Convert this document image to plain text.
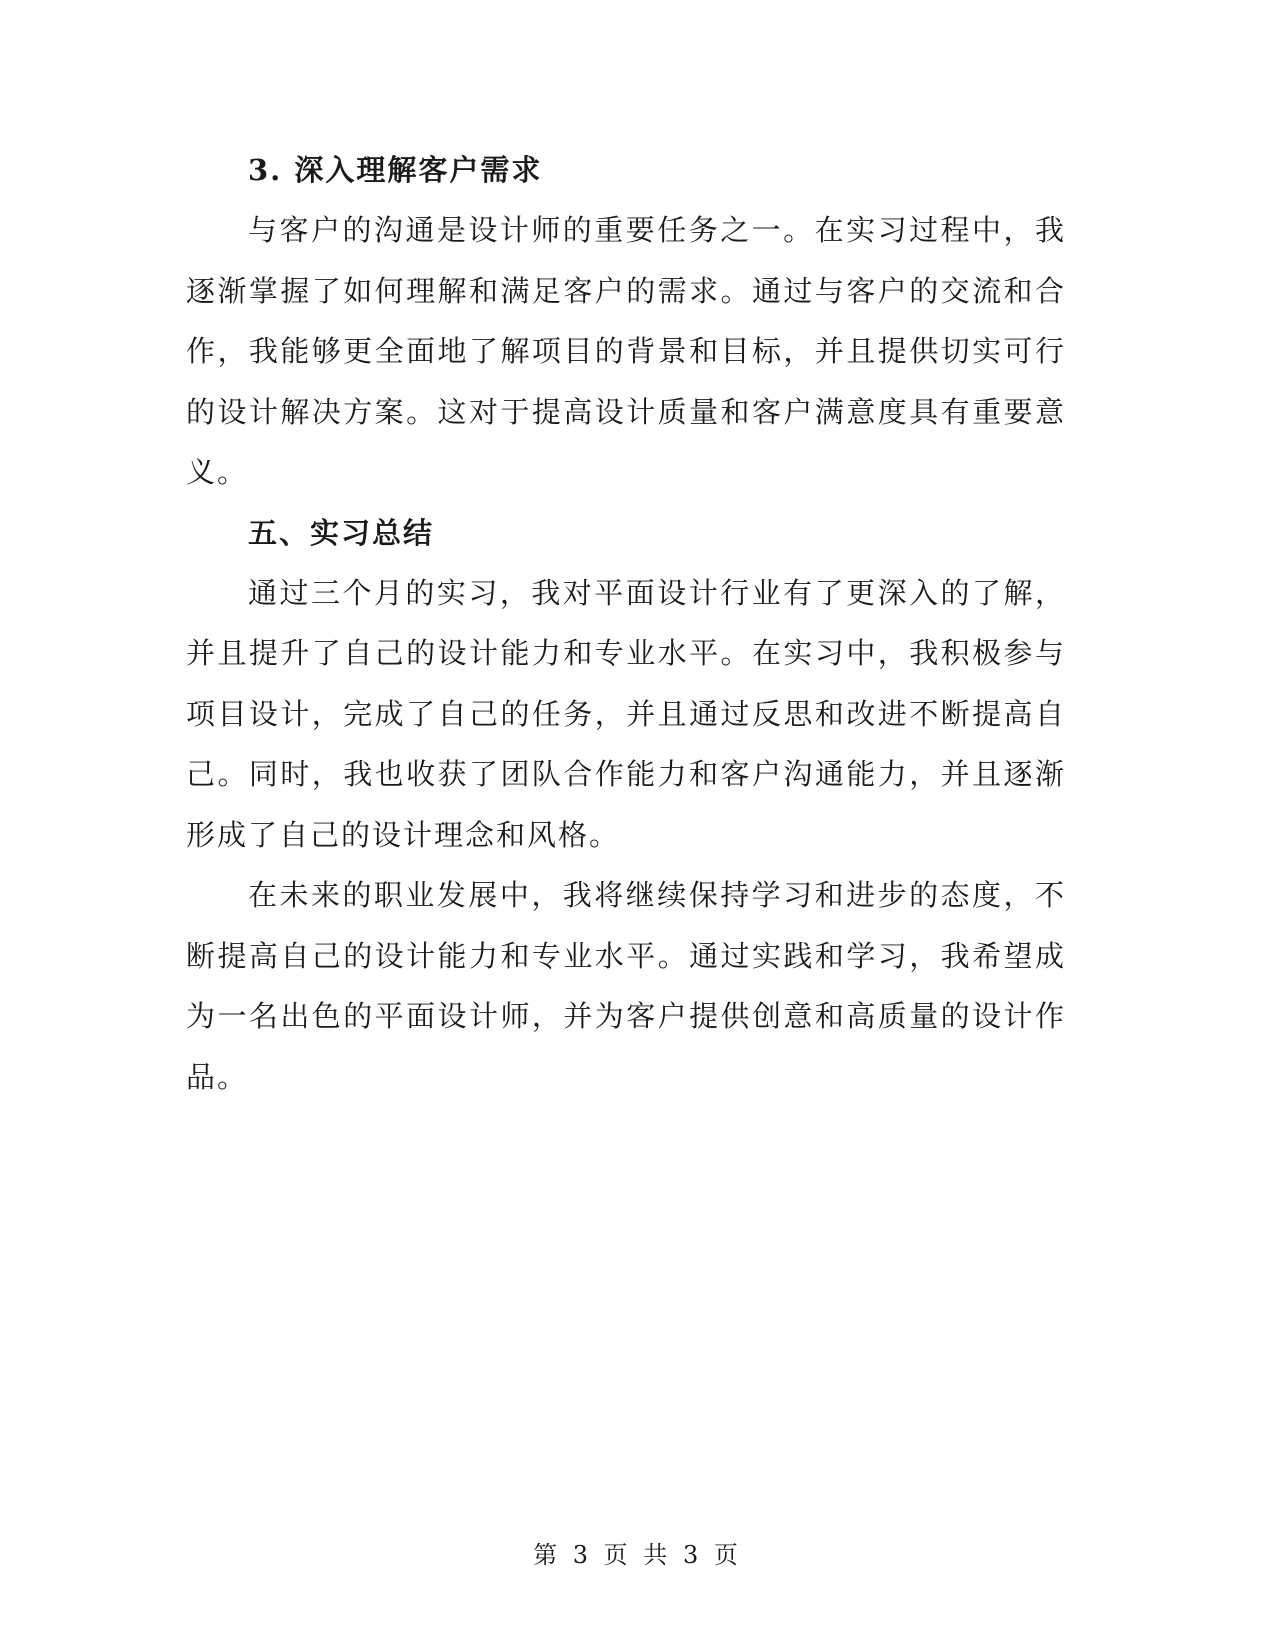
3. 深入理解客户需求

与客户的沟通是设计师的重要任务之一。在实习过程中，我逐渐掌握了如何理解和满足客户的需求。通过与客户的交流和合作，我能够更全面地了解项目的背景和目标，并且提供切实可行的设计解决方案。这对于提高设计质量和客户满意度具有重要意义。

五、实习总结

通过三个月的实习，我对平面设计行业有了更深入的了解，并且提升了自己的设计能力和专业水平。在实习中，我积极参与项目设计，完成了自己的任务，并且通过反思和改进不断提高自己。同时，我也收获了团队合作能力和客户沟通能力，并且逐渐形成了自己的设计理念和风格。

在未来的职业发展中，我将继续保持学习和进步的态度，不断提高自己的设计能力和专业水平。通过实践和学习，我希望成为一名出色的平面设计师，并为客户提供创意和高质量的设计作品。

第 3 页 共 3 页
